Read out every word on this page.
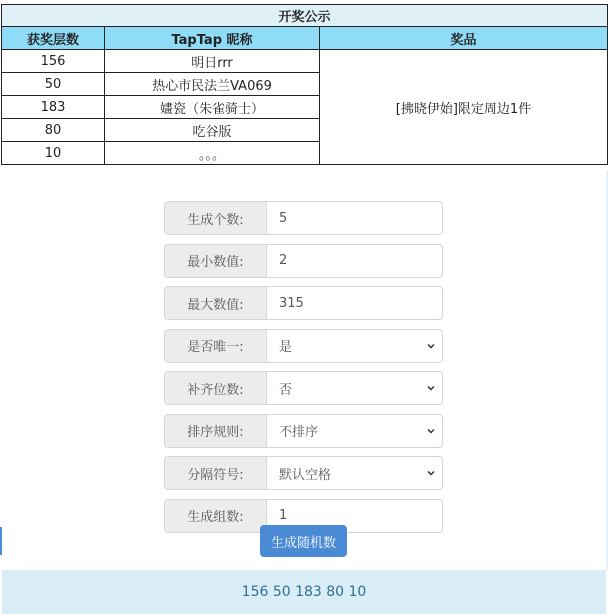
开奖公示		
获奖层数	TapTap 昵称	奖品
156	明日rrr	[拂晓伊始]限定周边1件
50	热心市民法兰VA069	
183	嫿瓷（朱雀骑士）	
80	吃谷版	
10	。。。	
生成个数:	5
最小数值:	2
最大数值:	315
是否唯一:	是
补齐位数:	否
排序规则:	不排序
分隔符号:	默认空格
生成组数:	1
生成随机数
156 50 183 80 10
